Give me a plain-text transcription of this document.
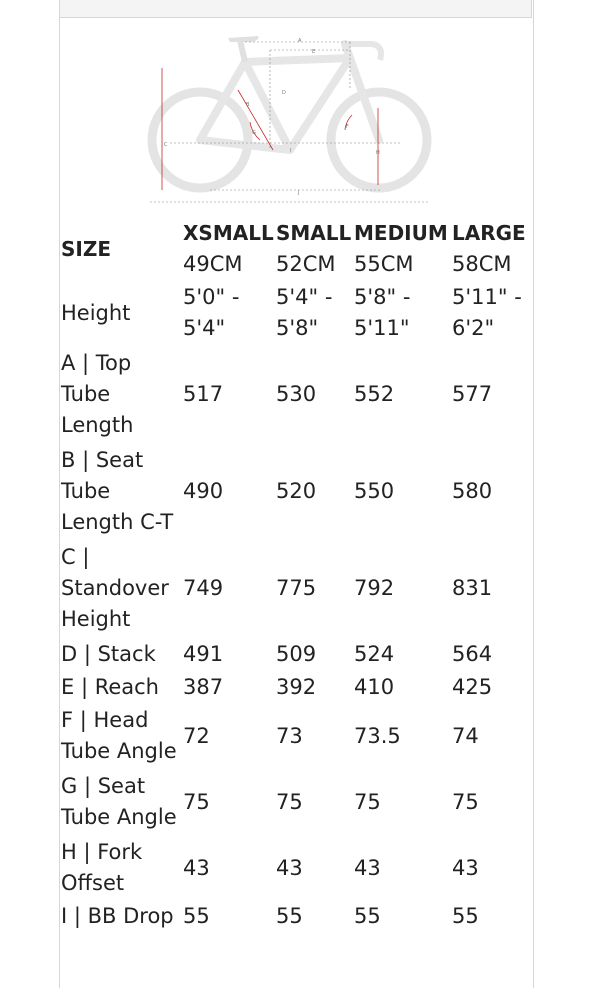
A
B
C
D
E
F
G
H
I
J
SIZE	XSMALL	SMALL	MEDIUM	LARGE
	49CM	52CM	55CM	58CM
Height	5'0" - 5'4"	5'4" - 5'8"	5'8" - 5'11"	5'11" - 6'2"
A | Top Tube Length	517	530	552	577
B | Seat Tube Length C-T	490	520	550	580
C | Standover Height	749	775	792	831
D | Stack	491	509	524	564
E | Reach	387	392	410	425
F | Head Tube Angle	72	73	73.5	74
G | Seat Tube Angle	75	75	75	75
H | Fork Offset	43	43	43	43
I | BB Drop	55	55	55	55
